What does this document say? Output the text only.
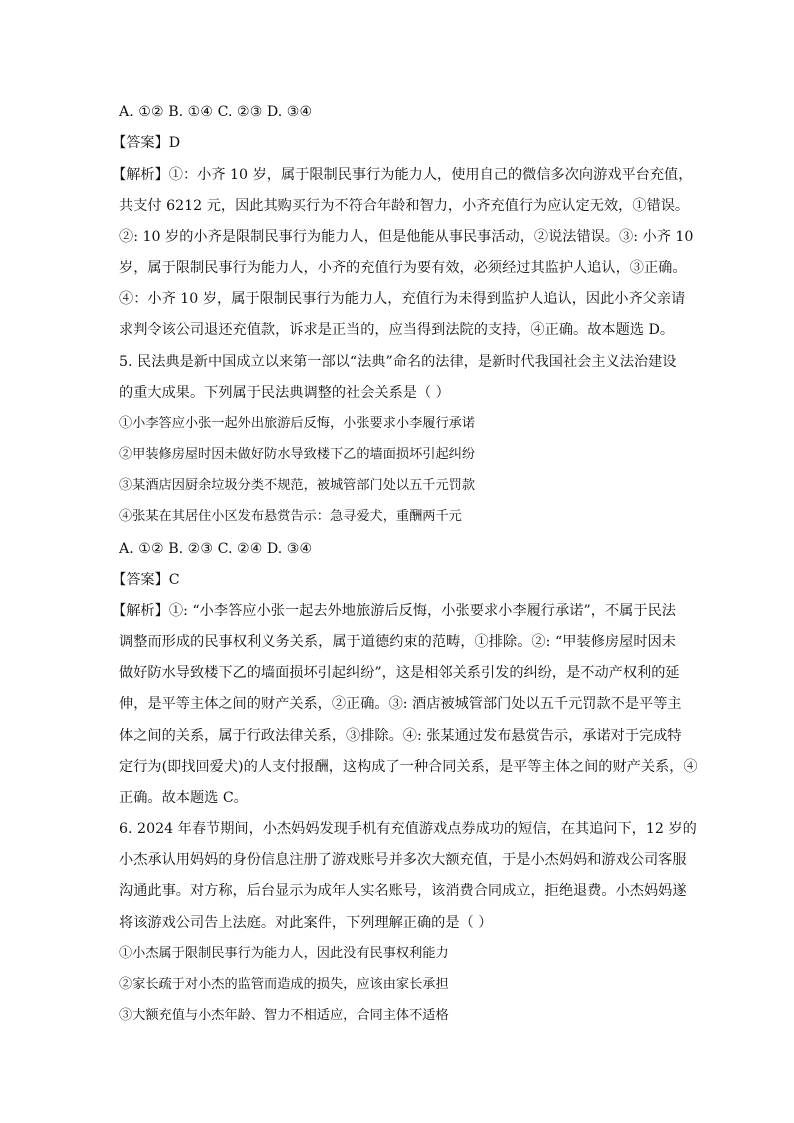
A. ①② B. ①④ C. ②③ D. ③④
【答案】D
【解析】①：小齐 10 岁，属于限制民事行为能力人，使用自己的微信多次向游戏平台充值，
共支付 6212 元，因此其购买行为不符合年龄和智力，小齐充值行为应认定无效，①错误。
②: 10 岁的小齐是限制民事行为能力人，但是他能从事民事活动，②说法错误。③: 小齐 10
岁，属于限制民事行为能力人，小齐的充值行为要有效，必须经过其监护人追认，③正确。
④：小齐 10 岁，属于限制民事行为能力人，充值行为未得到监护人追认，因此小齐父亲请
求判令该公司退还充值款，诉求是正当的，应当得到法院的支持，④正确。故本题选 D。
5. 民法典是新中国成立以来第一部以“法典”命名的法律，是新时代我国社会主义法治建设
的重大成果。下列属于民法典调整的社会关系是（ ）
①小李答应小张一起外出旅游后反悔，小张要求小李履行承诺
②甲装修房屋时因未做好防水导致楼下乙的墙面损坏引起纠纷
③某酒店因厨余垃圾分类不规范，被城管部门处以五千元罚款
④张某在其居住小区发布悬赏告示：急寻爱犬，重酬两千元
A. ①② B. ②③ C. ②④ D. ③④
【答案】C
【解析】①: “小李答应小张一起去外地旅游后反悔，小张要求小李履行承诺”，不属于民法
调整而形成的民事权利义务关系，属于道德约束的范畴，①排除。②: “甲装修房屋时因未
做好防水导致楼下乙的墙面损坏引起纠纷”，这是相邻关系引发的纠纷，是不动产权利的延
伸，是平等主体之间的财产关系，②正确。③: 酒店被城管部门处以五千元罚款不是平等主
体之间的关系，属于行政法律关系，③排除。④: 张某通过发布悬赏告示，承诺对于完成特
定行为(即找回爱犬)的人支付报酬，这构成了一种合同关系，是平等主体之间的财产关系，④
正确。故本题选 C。
6. 2024 年春节期间，小杰妈妈发现手机有充值游戏点券成功的短信，在其追问下，12 岁的
小杰承认用妈妈的身份信息注册了游戏账号并多次大额充值，于是小杰妈妈和游戏公司客服
沟通此事。对方称，后台显示为成年人实名账号，该消费合同成立，拒绝退费。小杰妈妈遂
将该游戏公司告上法庭。对此案件，下列理解正确的是（ ）
①小杰属于限制民事行为能力人，因此没有民事权利能力
②家长疏于对小杰的监管而造成的损失，应该由家长承担
③大额充值与小杰年龄、智力不相适应，合同主体不适格
